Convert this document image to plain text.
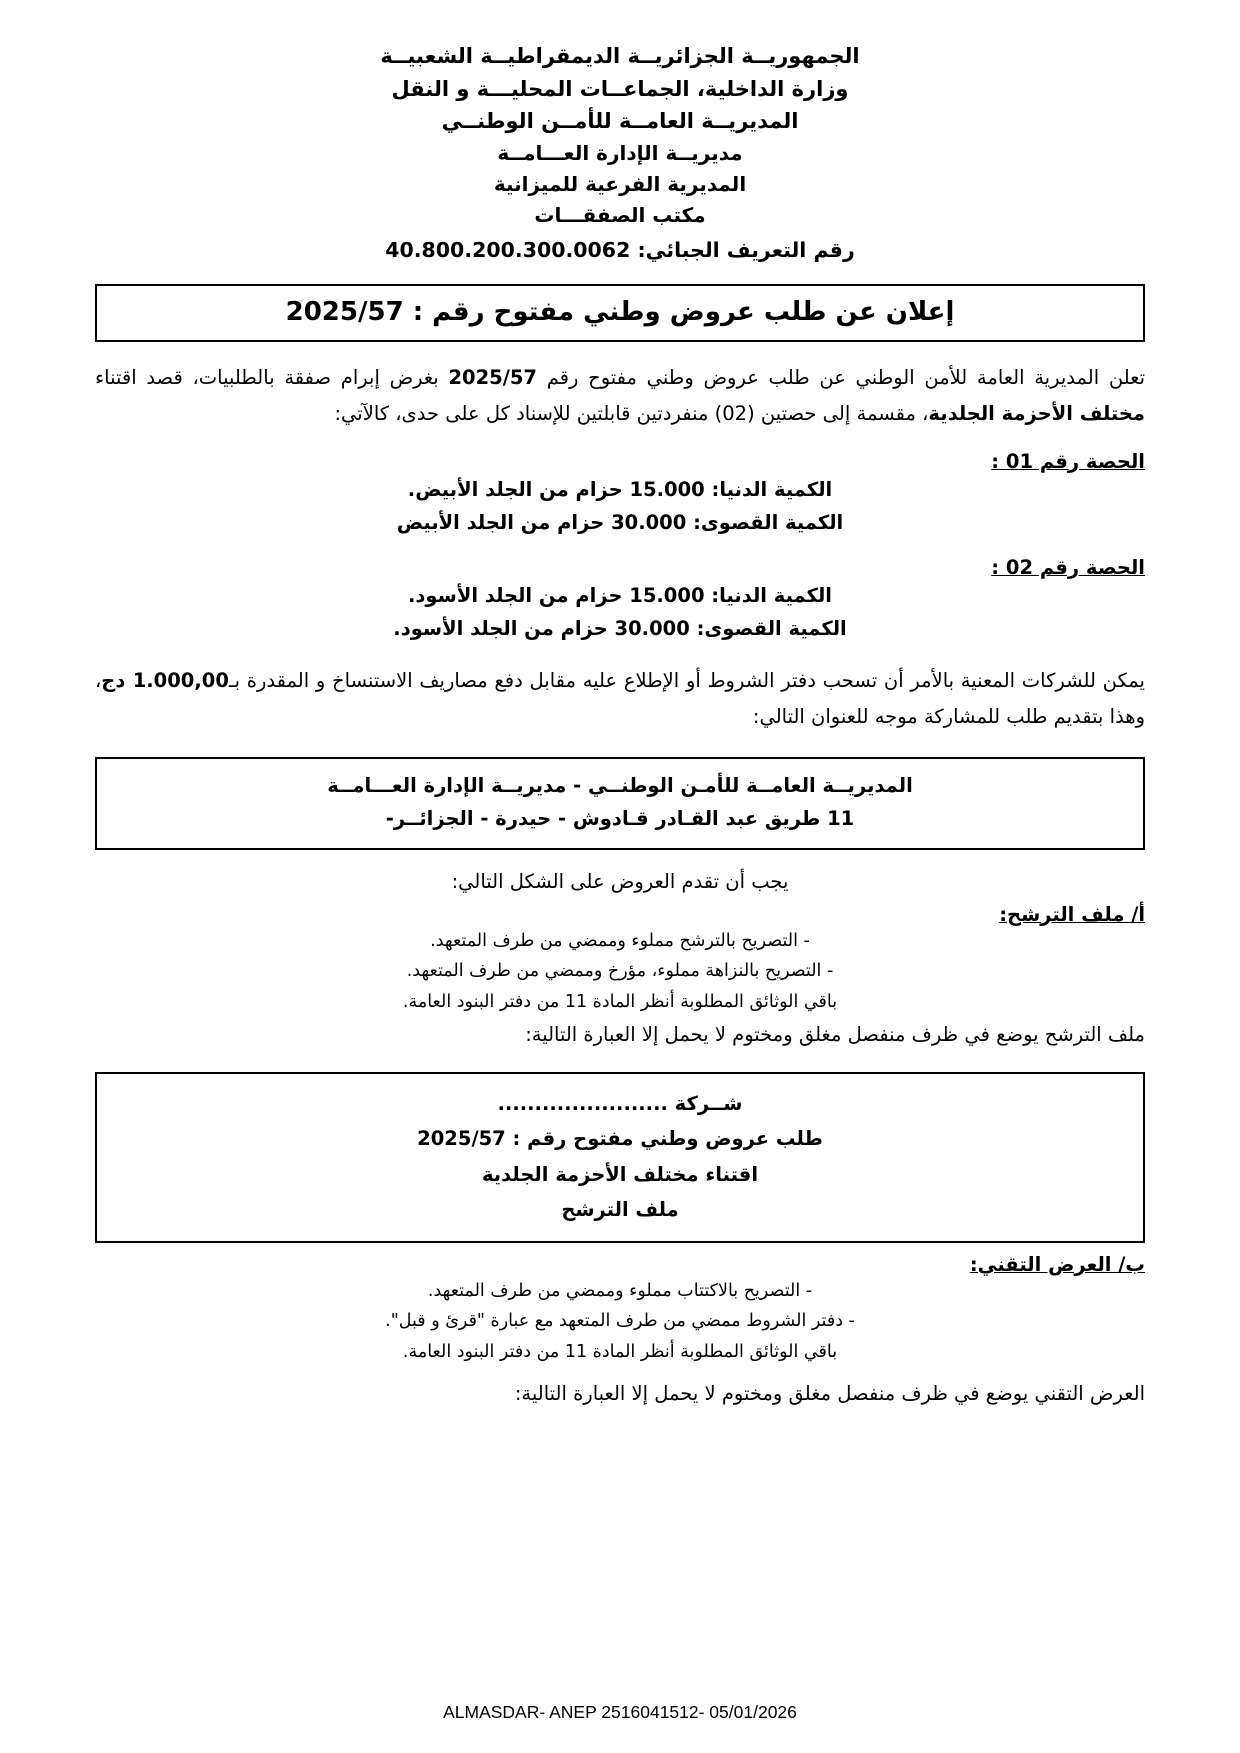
الجمهوريــة الجزائريــة الديمقراطيــة الشعبيــة
وزارة الداخلية، الجماعــات المحليـــة و النقل
المديريــة العامــة للأمــن الوطنــي
مديريــة الإدارة العـــامــة
المديرية الفرعية للميزانية
مكتب الصفقـــات
رقم التعريف الجبائي: 40.800.200.300.0062
إعلان عن طلب عروض وطني مفتوح رقم : 2025/57
تعلن المديرية العامة للأمن الوطني عن طلب عروض وطني مفتوح رقم 2025/57 بغرض إبرام صفقة بالطلبيات، قصد اقتناء مختلف الأحزمة الجلدية، مقسمة إلى حصتين (02) منفردتين قابلتين للإسناد كل على حدى، كالآتي:
الحصة رقم 01 :
الكمية الدنيا: 15.000 حزام من الجلد الأبيض.
الكمية القصوى: 30.000 حزام من الجلد الأبيض
الحصة رقم 02 :
الكمية الدنيا: 15.000 حزام من الجلد الأسود.
الكمية القصوى: 30.000 حزام من الجلد الأسود.
يمكن للشركات المعنية بالأمر أن تسحب دفتر الشروط أو الإطلاع عليه مقابل دفع مصاريف الاستنساخ و المقدرة بـ1.000,00 دج، وهذا بتقديم طلب للمشاركة موجه للعنوان التالي:
المديريــة العامــة للأمـن الوطنــي - مديريــة الإدارة العـــامــة
11 طريق عبد القـادر قـادوش - حيدرة - الجزائــر-
يجب أن تقدم العروض على الشكل التالي:
أ/ ملف الترشح:
- التصريح بالترشح مملوء وممضي من طرف المتعهد.
- التصريح بالنزاهة مملوء، مؤرخ وممضي من طرف المتعهد.
باقي الوثائق المطلوبة أنظر المادة 11 من دفتر البنود العامة.
ملف الترشح يوضع في ظرف منفصل مغلق ومختوم لا يحمل إلا العبارة التالية:
شــركة .......................
طلب عروض وطني مفتوح رقم : 2025/57
اقتناء مختلف الأحزمة الجلدية
ملف الترشح
ب/ العرض التقني:
- التصريح بالاكتتاب مملوء وممضي من طرف المتعهد.
- دفتر الشروط ممضي من طرف المتعهد مع عبارة "قرئ و قبل".
باقي الوثائق المطلوبة أنظر المادة 11 من دفتر البنود العامة.
العرض التقني يوضع في ظرف منفصل مغلق ومختوم لا يحمل إلا العبارة التالية:
ALMASDAR- ANEP 2516041512- 05/01/2026
